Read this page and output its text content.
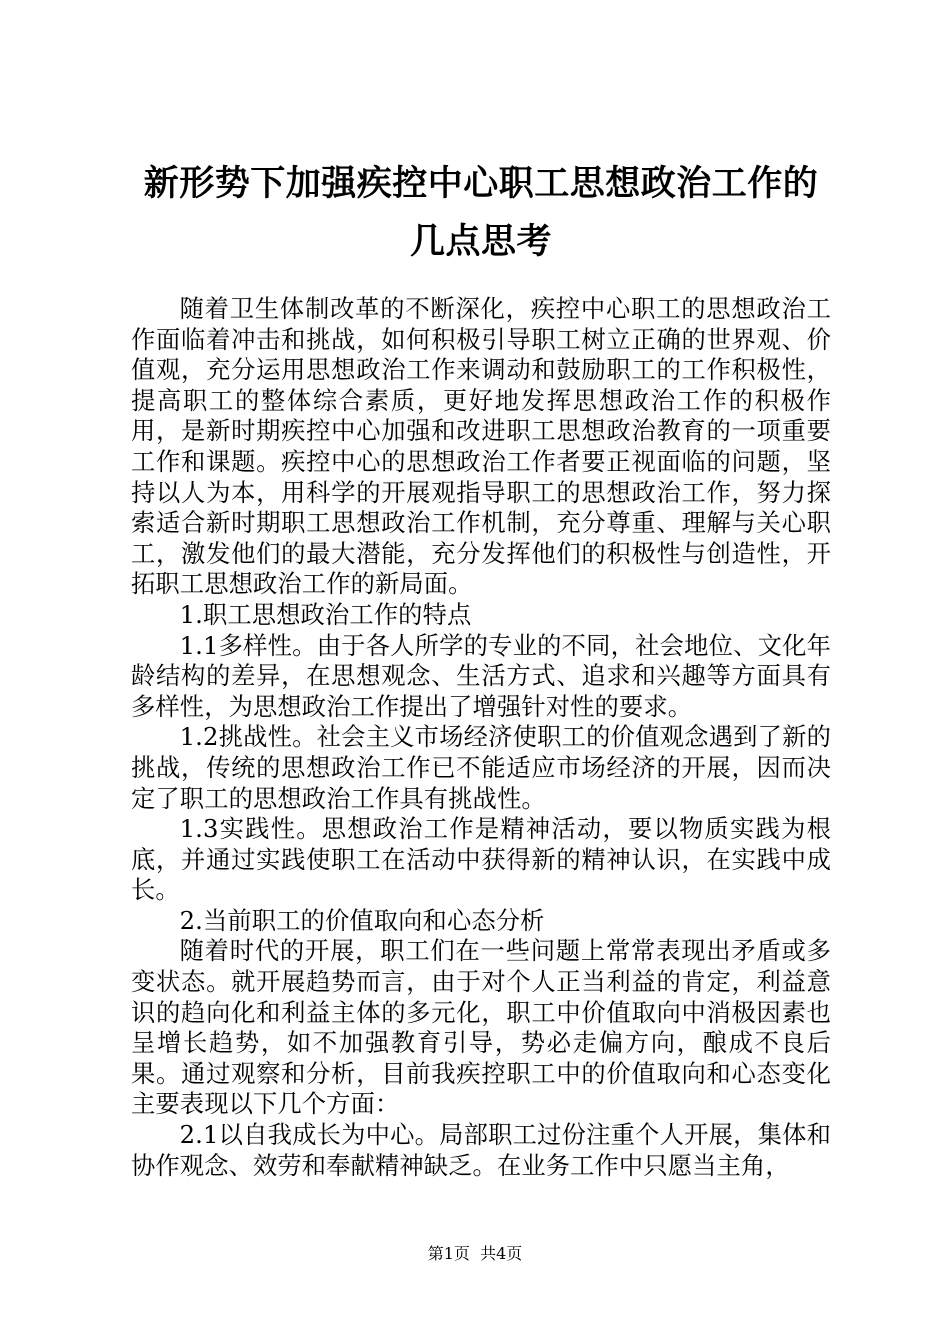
新形势下加强疾控中心职工思想政治工作的几点思考

随着卫生体制改革的不断深化，疾控中心职工的思想政治工作面临着冲击和挑战，如何积极引导职工树立正确的世界观、价值观，充分运用思想政治工作来调动和鼓励职工的工作积极性，提高职工的整体综合素质，更好地发挥思想政治工作的积极作用，是新时期疾控中心加强和改进职工思想政治教育的一项重要工作和课题。疾控中心的思想政治工作者要正视面临的问题，坚持以人为本，用科学的开展观指导职工的思想政治工作，努力探索适合新时期职工思想政治工作机制，充分尊重、理解与关心职工，激发他们的最大潜能，充分发挥他们的积极性与创造性，开拓职工思想政治工作的新局面。

1.职工思想政治工作的特点

1.1多样性。由于各人所学的专业的不同，社会地位、文化年龄结构的差异，在思想观念、生活方式、追求和兴趣等方面具有多样性，为思想政治工作提出了增强针对性的要求。

1.2挑战性。社会主义市场经济使职工的价值观念遇到了新的挑战，传统的思想政治工作已不能适应市场经济的开展，因而决定了职工的思想政治工作具有挑战性。

1.3实践性。思想政治工作是精神活动，要以物质实践为根底，并通过实践使职工在活动中获得新的精神认识，在实践中成长。

2.当前职工的价值取向和心态分析

随着时代的开展，职工们在一些问题上常常表现出矛盾或多变状态。就开展趋势而言，由于对个人正当利益的肯定，利益意识的趋向化和利益主体的多元化，职工中价值取向中消极因素也呈增长趋势，如不加强教育引导，势必走偏方向，酿成不良后果。通过观察和分析，目前我疾控职工中的价值取向和心态变化主要表现以下几个方面：

2.1以自我成长为中心。局部职工过份注重个人开展，集体和协作观念、效劳和奉献精神缺乏。在业务工作中只愿当主角，

第1页 共4页
